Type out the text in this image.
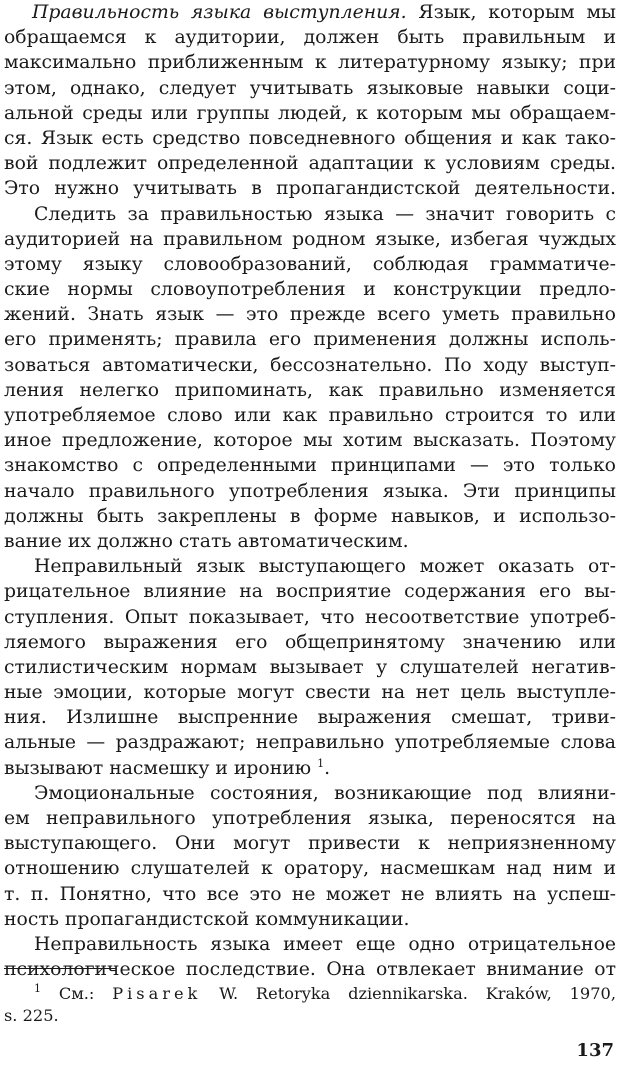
Правильность языка выступления. Язык, которым мы
обращаемся к аудитории, должен быть правильным и
максимально приближенным к литературному языку; при
этом, однако, следует учитывать языковые навыки соци-
альной среды или группы людей, к которым мы обращаем-
ся. Язык есть средство повседневного общения и как тако-
вой подлежит определенной адаптации к условиям среды.
Это нужно учитывать в пропагандистской деятельности.
Следить за правильностью языка — значит говорить с
аудиторией на правильном родном языке, избегая чуждых
этому языку словообразований, соблюдая грамматиче-
ские нормы словоупотребления и конструкции предло-
жений. Знать язык — это прежде всего уметь правильно
его применять; правила его применения должны исполь-
зоваться автоматически, бессознательно. По ходу выступ-
ления нелегко припоминать, как правильно изменяется
употребляемое слово или как правильно строится то или
иное предложение, которое мы хотим высказать. Поэтому
знакомство с определенными принципами — это только
начало правильного употребления языка. Эти принципы
должны быть закреплены в форме навыков, и использо-
вание их должно стать автоматическим.
Неправильный язык выступающего может оказать от-
рицательное влияние на восприятие содержания его вы-
ступления. Опыт показывает, что несоответствие употреб-
ляемого выражения его общепринятому значению или
стилистическим нормам вызывает у слушателей негатив-
ные эмоции, которые могут свести на нет цель выступле-
ния. Излишне выспренние выражения смешат, триви-
альные — раздражают; неправильно употребляемые слова
вызывают насмешку и иронию $^1$.
Эмоциональные состояния, возникающие под влияни-
ем неправильного употребления языка, переносятся на
выступающего. Они могут привести к неприязненному
отношению слушателей к оратору, насмешкам над ним и
т. п. Понятно, что все это не может не влиять на успеш-
ность пропагандистской коммуникации.
Неправильность языка имеет еще одно отрицательное
психологическое последствие. Она отвлекает внимание от
$^1$ См.: Pisarek W. Retoryka dziennikarska. Kraków, 1970,
s. 225.
137
